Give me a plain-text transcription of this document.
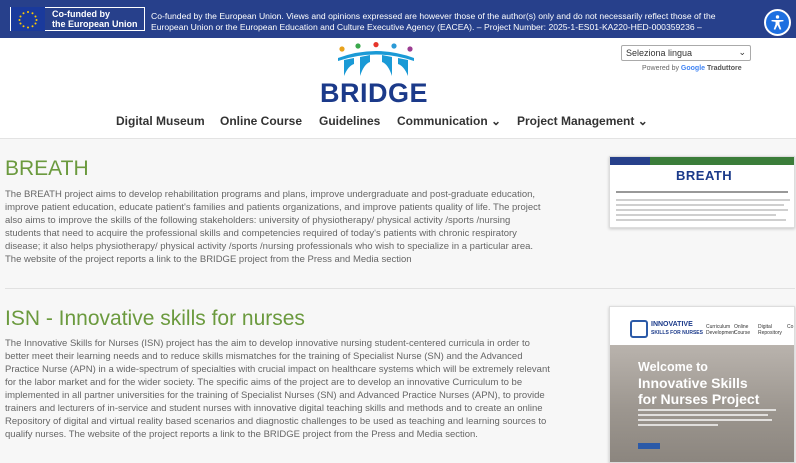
Co-funded by
the European Union
Co-funded by the European Union. Views and opinions expressed are however those of the author(s) only and do not necessarily reflect those of the
European Union or the European Education and Culture Executive Agency (EACEA). – Project Number: 2025-1-ES01-KA220-HED-000359236 –
BRIDGE
Seleziona lingua	⌄
Powered by Google Traduttore
Digital Museum Online Course Guidelines Communication ⌄ Project Management ⌄
BREATH
The BREATH project aims to develop rehabilitation programs and plans, improve undergraduate and post-graduate education,
improve patient education, educate patient's families and patients organizations, and improve patients quality of life. The project
also aims to improve the skills of the following stakeholders: university of physiotherapy/ physical activity /sports /nursing
students that need to acquire the professional skills and competencies required of today's patients with chronic respiratory
disease; it also helps physiotherapy/ physical activity /sports /nursing professionals who wish to specialize in a particular area.
The website of the project reports a link to the BRIDGE project from the Press and Media section
BREATH
ISN - Innovative skills for nurses
The Innovative Skills for Nurses (ISN) project has the aim to develop innovative nursing student-centered curricula in order to
better meet their learning needs and to reduce skills mismatches for the training of Specialist Nurse (SN) and the Advanced
Practice Nurse (APN) in a wide-spectrum of specialties with crucial impact on healthcare systems which will be extremely relevant
for the labor market and for the wider society. The specific aims of the project are to develop an innovative Curriculum to be
implemented in all partner universities for the training of Specialist Nurses (SN) and Advanced Practice Nurses (APN), to provide
trainers and lecturers of in-service and student nurses with innovative digital teaching skills and methods and to create an online
Repository of digital and virtual reality based scenarios and diagnostic challenges to be used as teaching and learning sources to
qualify nurses. The website of the project reports a link to the BRIDGE project from the Press and Media section.
INNOVATIVE
SKILLS FOR NURSES
Curriculum Development
Online Course
Digital Repository
Co
Welcome to
Innovative Skills
for Nurses Project
